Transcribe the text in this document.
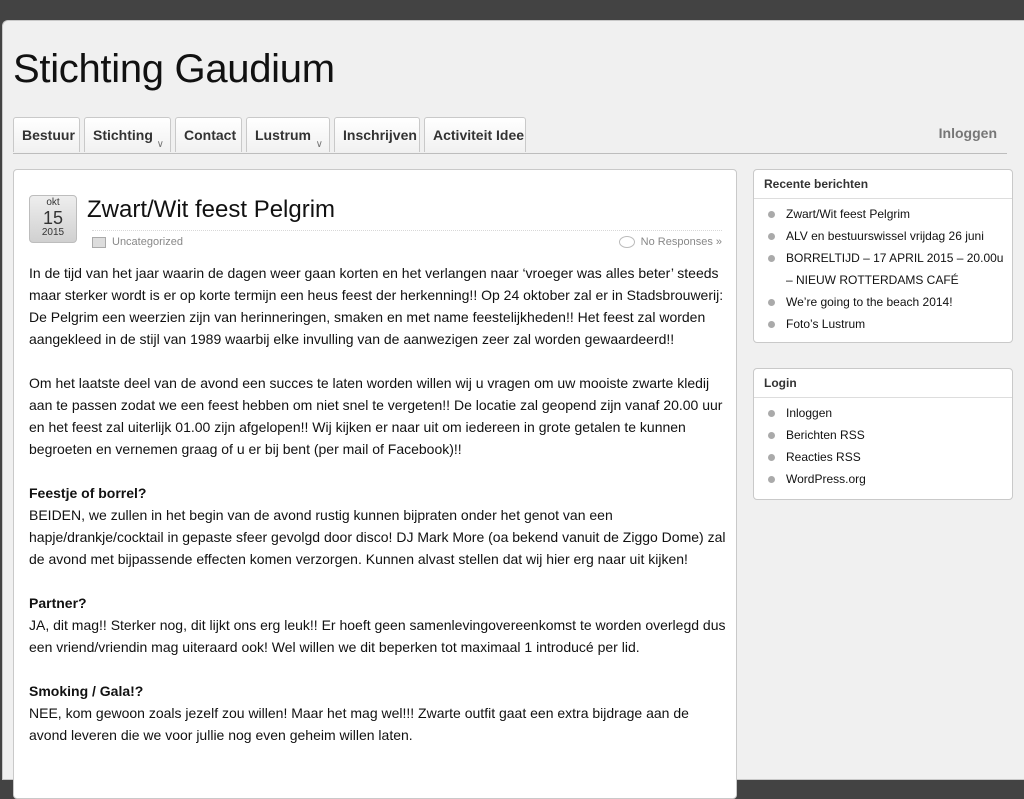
Stichting Gaudium
Bestuur	Stichting
∨
Contact	Lustrum
∨
Inschrijven	Activiteit Idee	Inloggen
okt
15
2015
Zwart/Wit feest Pelgrim
Uncategorized	No Responses »

In de tijd van het jaar waarin de dagen weer gaan korten en het verlangen naar ‘vroeger was alles beter’ steeds maar sterker wordt is er op korte termijn een heus feest der herkenning!! Op 24 oktober zal er in Stadsbrouwerij: De Pelgrim een weerzien zijn van herinneringen, smaken en met name feestelijkheden!! Het feest zal worden aangekleed in de stijl van 1989 waarbij elke invulling van de aanwezigen zeer zal worden gewaardeerd!!

Om het laatste deel van de avond een succes te laten worden willen wij u vragen om uw mooiste zwarte kledij aan te passen zodat we een feest hebben om niet snel te vergeten!! De locatie zal geopend zijn vanaf 20.00 uur en het feest zal uiterlijk 01.00 zijn afgelopen!! Wij kijken er naar uit om iedereen in grote getalen te kunnen begroeten en vernemen graag of u er bij bent (per mail of Facebook)!!

Feestje of borrel?
BEIDEN, we zullen in het begin van de avond rustig kunnen bijpraten onder het genot van een hapje/drankje/cocktail in gepaste sfeer gevolgd door disco! DJ Mark More (oa bekend vanuit de Ziggo Dome) zal de avond met bijpassende effecten komen verzorgen. Kunnen alvast stellen dat wij hier erg naar uit kijken!

Partner?
JA, dit mag!! Sterker nog, dit lijkt ons erg leuk!! Er hoeft geen samenlevingovereenkomst te worden overlegd dus een vriend/vriendin mag uiteraard ook! Wel willen we dit beperken tot maximaal 1 introducé per lid.

Smoking / Gala!?
NEE, kom gewoon zoals jezelf zou willen! Maar het mag wel!!! Zwarte outfit gaat een extra bijdrage aan de avond leveren die we voor jullie nog even geheim willen laten.

Recente berichten
Zwart/Wit feest Pelgrim
ALV en bestuurswissel vrijdag 26 juni
BORRELTIJD – 17 APRIL 2015 – 20.00u – NIEUW ROTTERDAMS CAFÉ
We’re going to the beach 2014!
Foto’s Lustrum
Login
Inloggen
Berichten RSS
Reacties RSS
WordPress.org
